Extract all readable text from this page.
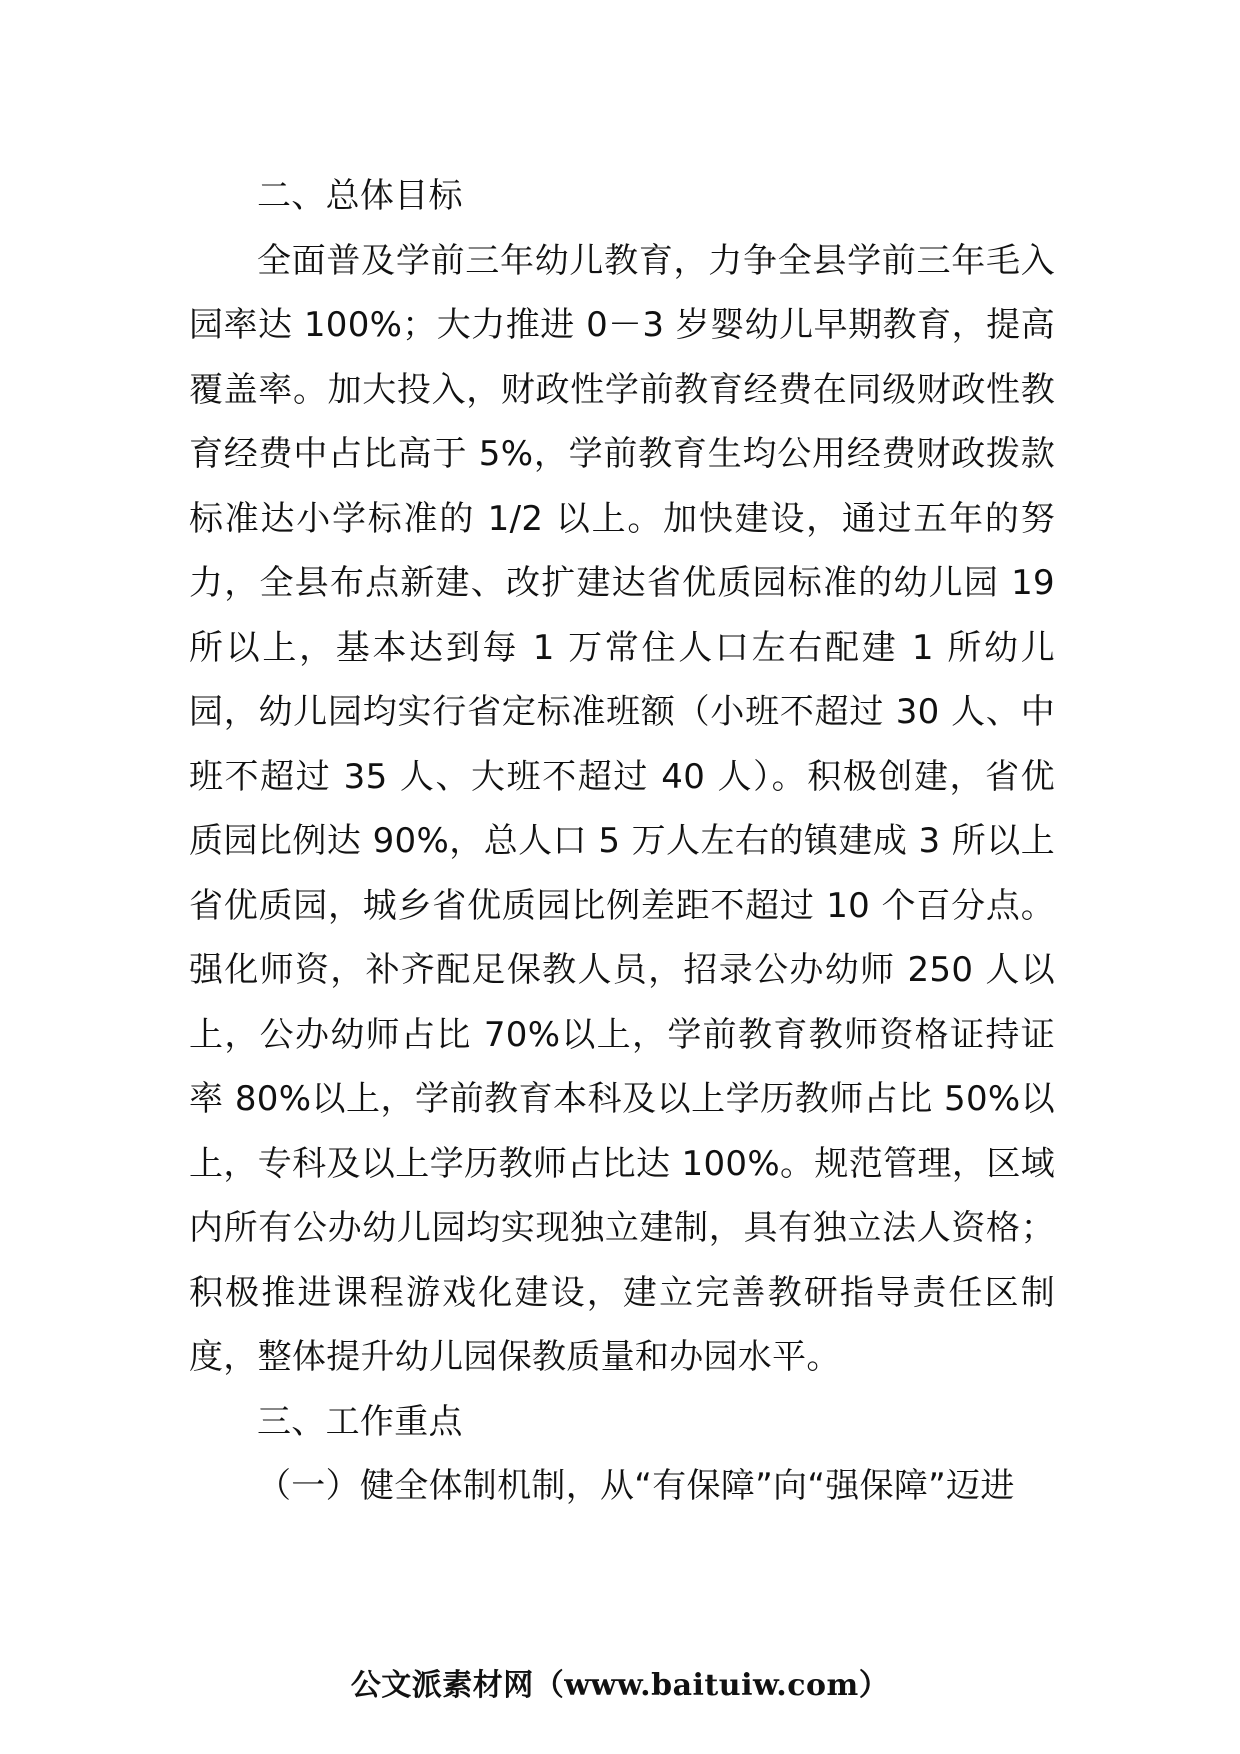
二、总体目标

全面普及学前三年幼儿教育，力争全县学前三年毛入园率达 100%；大力推进 0－3 岁婴幼儿早期教育，提高覆盖率。加大投入，财政性学前教育经费在同级财政性教育经费中占比高于 5%，学前教育生均公用经费财政拨款标准达小学标准的 1/2 以上。加快建设，通过五年的努力，全县布点新建、改扩建达省优质园标准的幼儿园 19 所以上，基本达到每 1 万常住人口左右配建 1 所幼儿园，幼儿园均实行省定标准班额（小班不超过 30 人、中班不超过 35 人、大班不超过 40 人）。积极创建，省优质园比例达 90%，总人口 5 万人左右的镇建成 3 所以上省优质园，城乡省优质园比例差距不超过 10 个百分点。强化师资，补齐配足保教人员，招录公办幼师 250 人以上，公办幼师占比 70%以上，学前教育教师资格证持证率 80%以上，学前教育本科及以上学历教师占比 50%以上，专科及以上学历教师占比达 100%。规范管理，区域内所有公办幼儿园均实现独立建制，具有独立法人资格；积极推进课程游戏化建设，建立完善教研指导责任区制度，整体提升幼儿园保教质量和办园水平。

三、工作重点

（一）健全体制机制，从“有保障”向“强保障”迈进

公文派素材网（www.baituiw.com）
